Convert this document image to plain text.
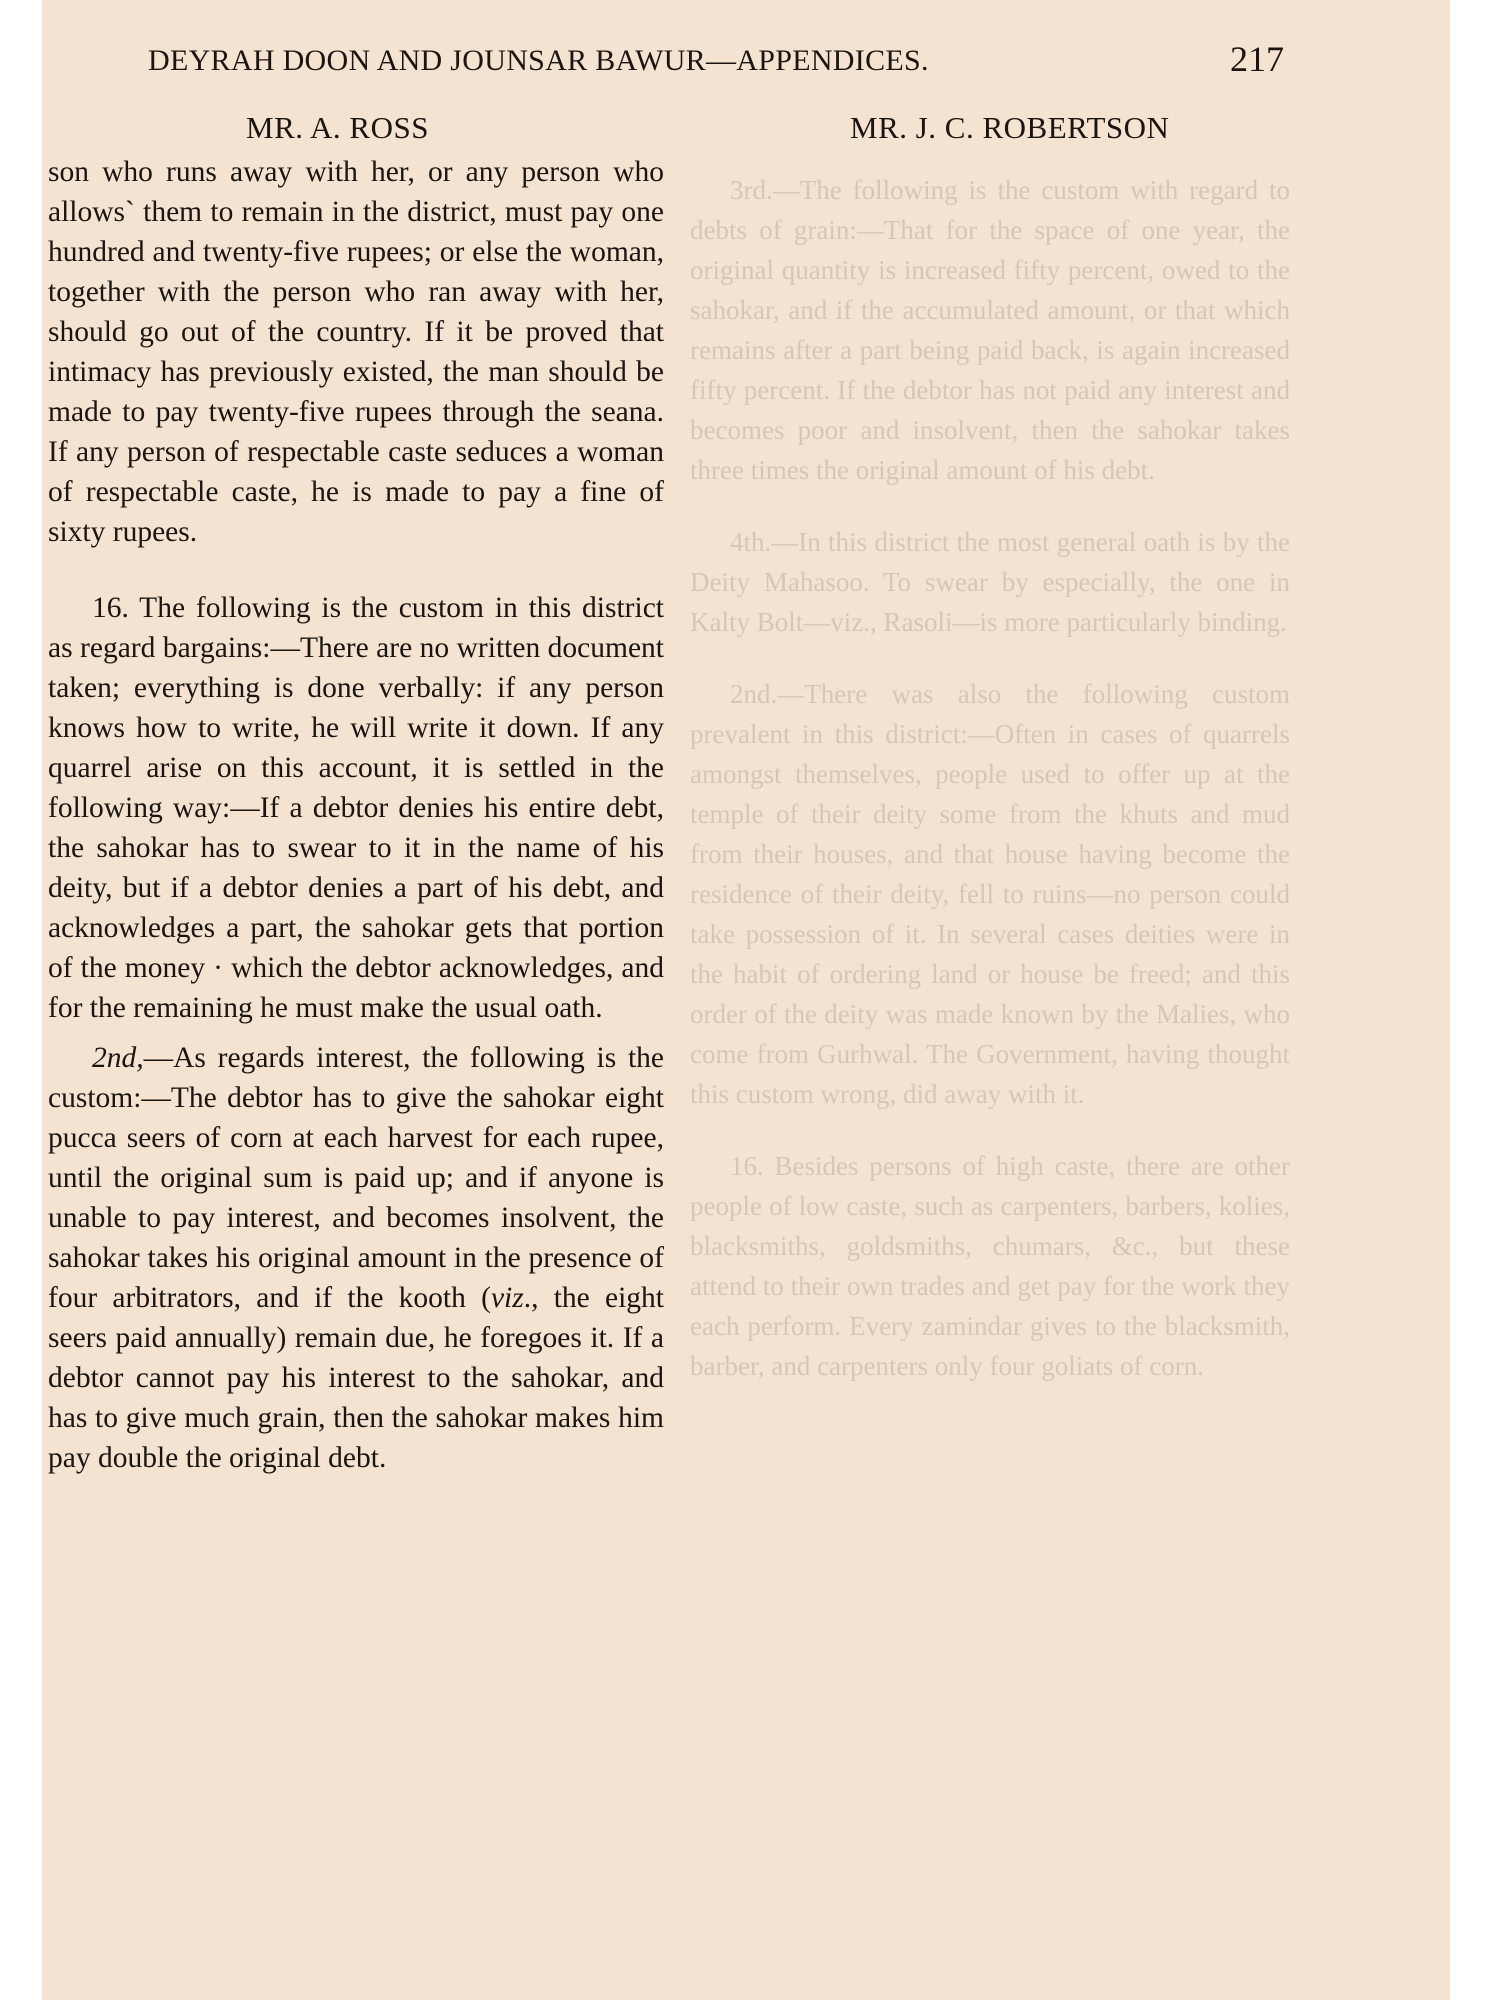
DEYRAH DOON AND JOUNSAR BAWUR—APPENDICES.	217
MR. A. ROSS	MR. J. C. ROBERTSON

3rd.—The following is the custom with regard to debts of grain:—That for the space of one year, the original quantity is increased fifty percent, owed to the sahokar, and if the accumulated amount, or that which remains after a part being paid back, is again increased fifty percent. If the debtor has not paid any interest and becomes poor and insolvent, then the sahokar takes three times the original amount of his debt.

4th.—In this district the most general oath is by the Deity Mahasoo. To swear by especially, the one in Kalty Bolt—viz., Rasoli—is more particularly binding.

2nd.—There was also the following custom prevalent in this district:—Often in cases of quarrels amongst themselves, people used to offer up at the temple of their deity some from the khuts and mud from their houses, and that house having become the residence of their deity, fell to ruins—no person could take possession of it. In several cases deities were in the habit of ordering land or house be freed; and this order of the deity was made known by the Malies, who come from Gurhwal. The Government, having thought this custom wrong, did away with it.

16. Besides persons of high caste, there are other people of low caste, such as carpenters, barbers, kolies, blacksmiths, goldsmiths, chumars, &c., but these attend to their own trades and get pay for the work they each perform. Every zamindar gives to the blacksmith, barber, and carpenters only four goliats of corn.

son who runs away with her, or any person who allows` them to remain in the district, must pay one hundred and twenty-five rupees; or else the woman, together with the person who ran away with her, should go out of the country. If it be proved that intimacy has previously existed, the man should be made to pay twenty-five rupees through the seana. If any person of respectable caste seduces a woman of respectable caste, he is made to pay a fine of sixty rupees.

16. The following is the custom in this district as regard bargains:—There are no written document taken; everything is done verbally: if any person knows how to write, he will write it down. If any quarrel arise on this account, it is settled in the following way:—If a debtor denies his entire debt, the sahokar has to swear to it in the name of his deity, but if a debtor denies a part of his debt, and acknowledges a part, the sahokar gets that portion of the money · which the debtor acknowledges, and for the remaining he must make the usual oath.

2nd,—As regards interest, the following is the custom:—The debtor has to give the sahokar eight pucca seers of corn at each harvest for each rupee, until the original sum is paid up; and if anyone is unable to pay interest, and becomes insolvent, the sahokar takes his original amount in the presence of four arbitrators, and if the kooth (viz., the eight seers paid annually) remain due, he foregoes it. If a debtor cannot pay his interest to the sahokar, and has to give much grain, then the sahokar makes him pay double the original debt.
